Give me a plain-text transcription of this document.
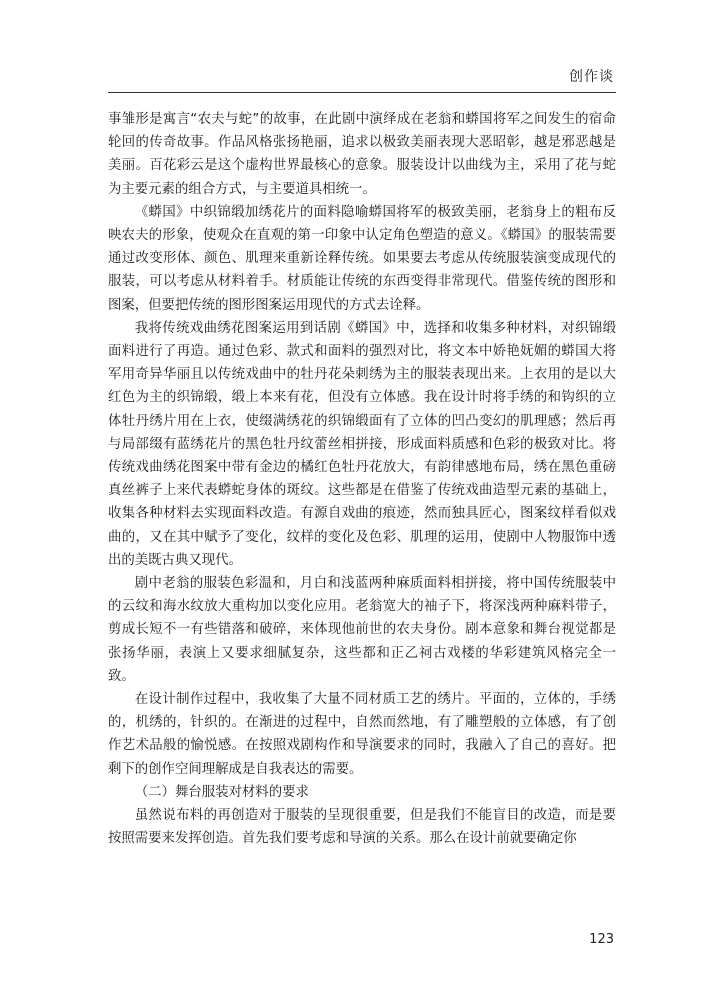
创作谈

事雏形是寓言“农夫与蛇”的故事，在此剧中演绎成在老翁和蟒国将军之间发生的宿命轮回的传奇故事。作品风格张扬艳丽，追求以极致美丽表现大恶昭彰，越是邪恶越是美丽。百花彩云是这个虚构世界最核心的意象。服装设计以曲线为主，采用了花与蛇为主要元素的组合方式，与主要道具相统一。

《蟒国》中织锦缎加绣花片的面料隐喻蟒国将军的极致美丽，老翁身上的粗布反映农夫的形象，使观众在直观的第一印象中认定角色塑造的意义。《蟒国》的服装需要通过改变形体、颜色、肌理来重新诠释传统。如果要去考虑从传统服装演变成现代的服装，可以考虑从材料着手。材质能让传统的东西变得非常现代。借鉴传统的图形和图案，但要把传统的图形图案运用现代的方式去诠释。

我将传统戏曲绣花图案运用到话剧《蟒国》中，选择和收集多种材料，对织锦缎面料进行了再造。通过色彩、款式和面料的强烈对比，将文本中娇艳妩媚的蟒国大将军用奇异华丽且以传统戏曲中的牡丹花朵刺绣为主的服装表现出来。上衣用的是以大红色为主的织锦缎，缎上本来有花，但没有立体感。我在设计时将手绣的和钩织的立体牡丹绣片用在上衣，使缀满绣花的织锦缎面有了立体的凹凸变幻的肌理感；然后再与局部缀有蓝绣花片的黑色牡丹纹蕾丝相拼接，形成面料质感和色彩的极致对比。将传统戏曲绣花图案中带有金边的橘红色牡丹花放大，有韵律感地布局，绣在黑色重磅真丝裤子上来代表蟒蛇身体的斑纹。这些都是在借鉴了传统戏曲造型元素的基础上，收集各种材料去实现面料改造。有源自戏曲的痕迹，然而独具匠心，图案纹样看似戏曲的，又在其中赋予了变化，纹样的变化及色彩、肌理的运用，使剧中人物服饰中透出的美既古典又现代。

剧中老翁的服装色彩温和，月白和浅蓝两种麻质面料相拼接，将中国传统服装中的云纹和海水纹放大重构加以变化应用。老翁宽大的袖子下，将深浅两种麻料带子，剪成长短不一有些错落和破碎，来体现他前世的农夫身份。剧本意象和舞台视觉都是张扬华丽，表演上又要求细腻复杂，这些都和正乙祠古戏楼的华彩建筑风格完全一致。

在设计制作过程中，我收集了大量不同材质工艺的绣片。平面的，立体的，手绣的，机绣的，针织的。在渐进的过程中，自然而然地，有了雕塑般的立体感，有了创作艺术品般的愉悦感。在按照戏剧构作和导演要求的同时，我融入了自己的喜好。把剩下的创作空间理解成是自我表达的需要。

（二）舞台服装对材料的要求

虽然说布料的再创造对于服装的呈现很重要，但是我们不能盲目的改造，而是要按照需要来发挥创造。首先我们要考虑和导演的关系。那么在设计前就要确定你

123
